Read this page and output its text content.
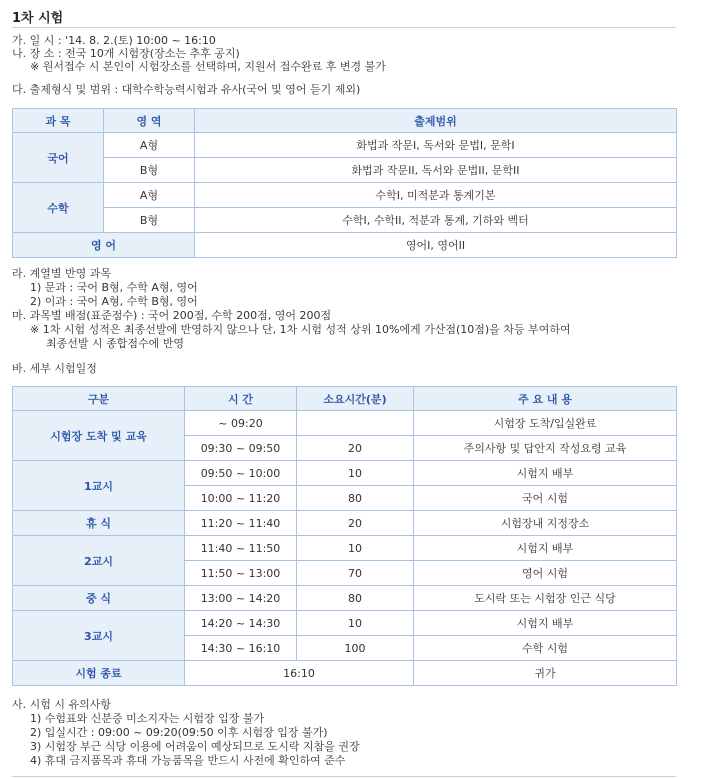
1차 시험
가. 일 시 : '14. 8. 2.(토) 10:00 ~ 16:10
나. 장 소 : 전국 10개 시험장(장소는 추후 공지)
※ 원서접수 시 본인이 시험장소를 선택하며, 지원서 접수완료 후 변경 불가
다. 출제형식 및 범위 : 대학수학능력시험과 유사(국어 및 영어 듣기 제외)
과 목	영 역	출제범위
국어	A형	화법과 작문I, 독서와 문법I, 문학I
	B형	화법과 작문II, 독서와 문법II, 문학II
수학	A형	수학I, 미적분과 통계기본
	B형	수학I, 수학II, 적분과 통계, 기하와 벡터
영 어		영어I, 영어II
라. 계열별 반영 과목
1) 문과 : 국어 B형, 수학 A형, 영어
2) 이과 : 국어 A형, 수학 B형, 영어
마. 과목별 배점(표준점수) : 국어 200점, 수학 200점, 영어 200점
※ 1차 시험 성적은 최종선발에 반영하지 않으나 단, 1차 시험 성적 상위 10%에게 가산점(10점)을 차등 부여하여
최종선발 시 종합점수에 반영
바. 세부 시험일정
구분	시 간	소요시간(분)	주 요 내 용
시험장 도착 및 교육	~ 09:20		시험장 도착/입실완료
	09:30 ~ 09:50	20	주의사항 및 답안지 작성요령 교육
1교시	09:50 ~ 10:00	10	시험지 배부
	10:00 ~ 11:20	80	국어 시험
휴 식	11:20 ~ 11:40	20	시험장내 지정장소
2교시	11:40 ~ 11:50	10	시험지 배부
	11:50 ~ 13:00	70	영어 시험
중 식	13:00 ~ 14:20	80	도시락 또는 시험장 인근 식당
3교시	14:20 ~ 14:30	10	시험지 배부
	14:30 ~ 16:10	100	수학 시험
시험 종료	16:10		귀가
사. 시험 시 유의사항
1) 수험표와 신분증 미소지자는 시험장 입장 불가
2) 입실시간 : 09:00 ~ 09:20(09:50 이후 시험장 입장 불가)
3) 시험장 부근 식당 이용에 어려움이 예상되므로 도시락 지참을 권장
4) 휴대 금지품목과 휴대 가능품목을 반드시 사전에 확인하여 준수
